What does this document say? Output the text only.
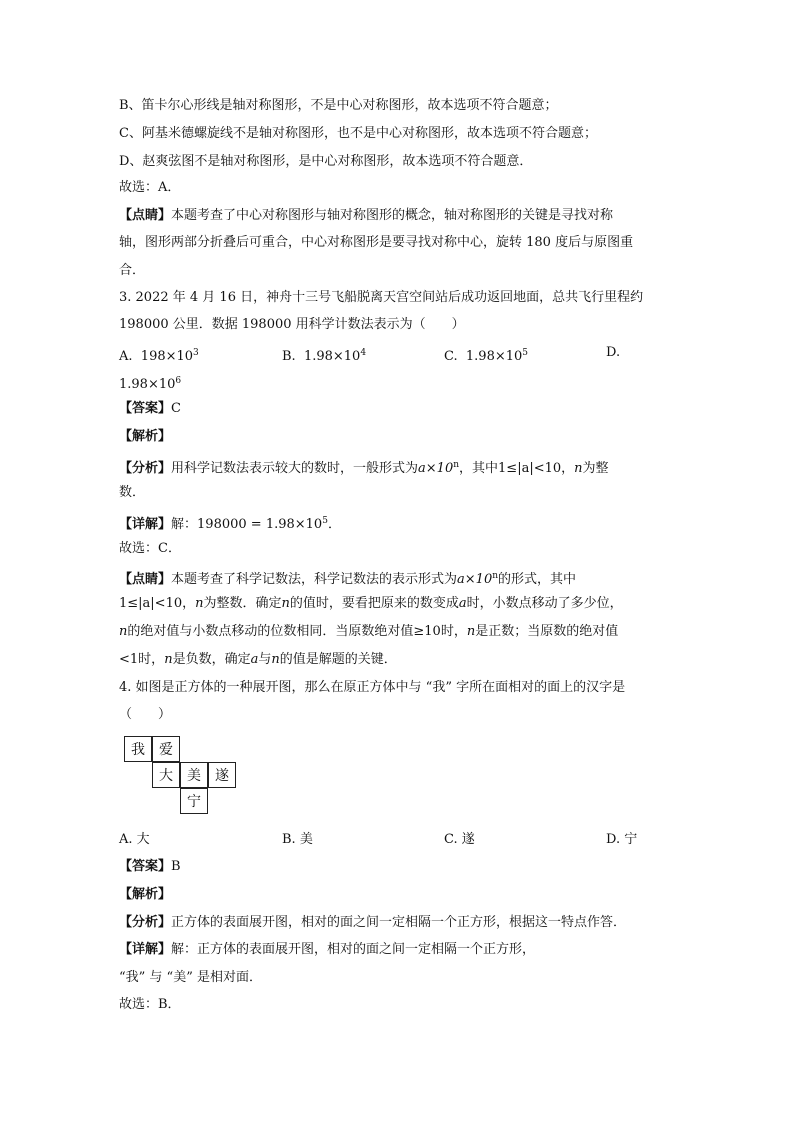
B、笛卡尔心形线是轴对称图形，不是中心对称图形，故本选项不符合题意；
C、阿基米德螺旋线不是轴对称图形，也不是中心对称图形，故本选项不符合题意；
D、赵爽弦图不是轴对称图形，是中心对称图形，故本选项不符合题意．
故选：A．
【点睛】本题考查了中心对称图形与轴对称图形的概念，轴对称图形的关键是寻找对称
轴，图形两部分折叠后可重合，中心对称图形是要寻找对称中心，旋转 180 度后与原图重
合．
3. 2022 年 4 月 16 日，神舟十三号飞船脱离天宫空间站后成功返回地面，总共飞行里程约
198000 公里．数据 198000 用科学计数法表示为（　　）
A. $198\times 10^3$	B. $1.98\times 10^4$	C. $1.98\times 10^5$	D.
$1.98\times 10^6$
【答案】C
【解析】
【分析】用科学记数法表示较大的数时，一般形式为$a\times 10^n$，其中1≤|a|<10，n为整
数．
【详解】解：$198000 = 1.98\times 10^5$．
故选：C．
【点睛】本题考查了科学记数法，科学记数法的表示形式为$a\times 10^n$的形式，其中
1≤|a|<10，n为整数．确定n的值时，要看把原来的数变成a时，小数点移动了多少位，
n的绝对值与小数点移动的位数相同．当原数绝对值≥10时，n是正数；当原数的绝对值
<1时，n是负数，确定a与n的值是解题的关键．
4. 如图是正方体的一种展开图，那么在原正方体中与 “我” 字所在面相对的面上的汉字是
（　　）
我	爱
大	美	遂
宁
A. 大	B. 美	C. 遂	D. 宁
【答案】B
【解析】
【分析】正方体的表面展开图，相对的面之间一定相隔一个正方形，根据这一特点作答．
【详解】解：正方体的表面展开图，相对的面之间一定相隔一个正方形，
“我” 与 “美” 是相对面．
故选：B．
